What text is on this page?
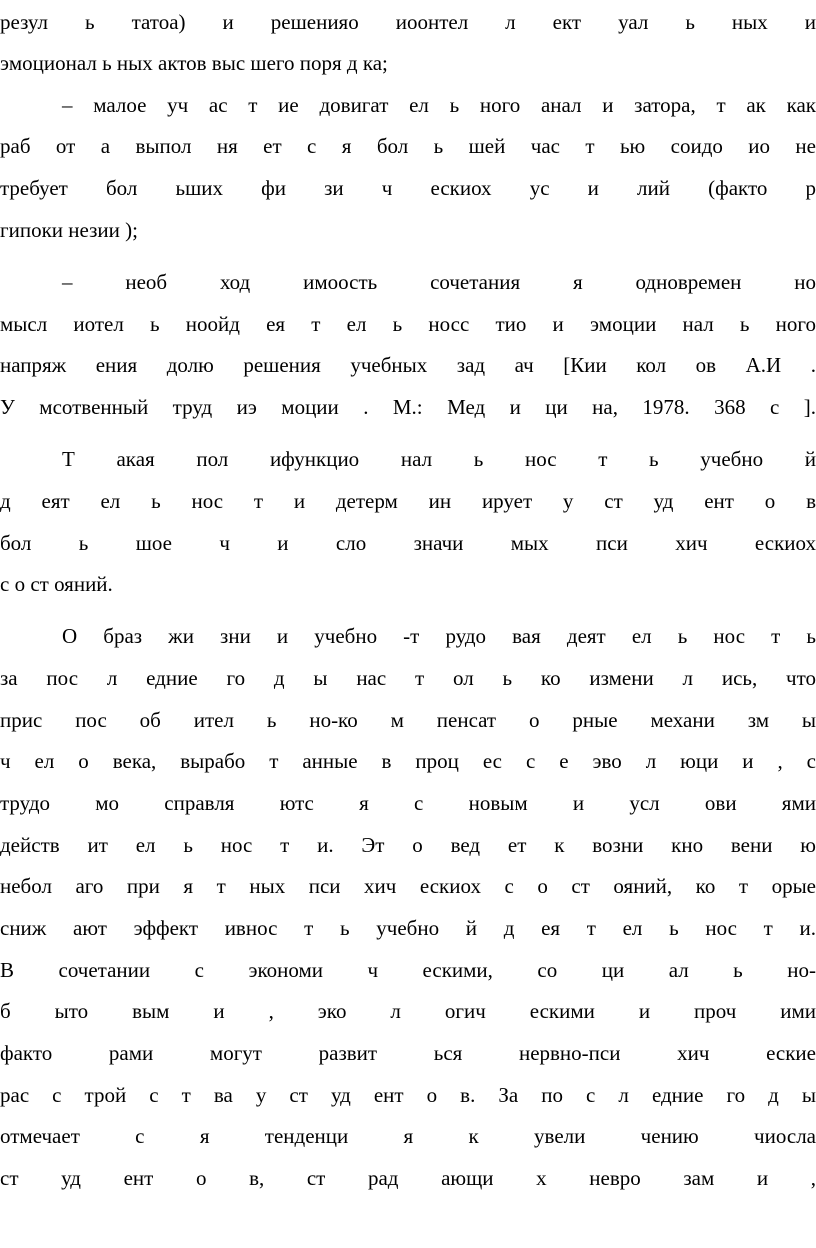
резул ь татоа) и решенияо иоонтел л ект уал ь ных и
эмоционал ь ных актов выс шего поря д ка;
– малое уч ас т ие довигат ел ь ного анал и затора, т ак как
раб от а выпол ня ет с я бол ь шей час т ью соидо ио не
требует бол ьших фи зи ч ескиох ус и лий (факто р
гипоки незии );
– необ ход имоость сочетания я одновремен но
мысл иотел ь ноойд ея т ел ь носс тио и эмоции нал ь ного
напряж ения долю решения учебных зад ач [Кии кол ов А.И .
У мсотвенный труд иэ моции . М.: Мед и ци на, 1978. 368 с ].
Т акая пол ифункцио нал ь нос т ь учебно й
д еят ел ь нос т и детерм ин ирует у ст уд ент о в
бол ь шое ч и сло значи мых пси хич ескиох
с о ст ояний.
О браз жи зни и учебно -т рудо вая деят ел ь нос т ь
за пос л едние го д ы нас т ол ь ко измени л ись, что
прис пос об ител ь но-ко м пенсат о рные механи зм ы
ч ел о века, вырабо т анные в проц ес с е эво л юци и , с
трудо мо справля ютс я с новым и усл ови ями
действ ит ел ь нос т и. Эт о вед ет к возни кно вени ю
небол аго при я т ных пси хич ескиох с о ст ояний, ко т орые
сниж ают эффект ивнос т ь учебно й д ея т ел ь нос т и.
В сочетании с экономи ч ескими, со ци ал ь но-
б ыто вым и , эко л огич ескими и проч ими
факто рами могут развит ься нервно-пси хич еские
рас с трой с т ва у ст уд ент о в. За по с л едние го д ы
отмечает с я тенденци я к увели чению чиосла
ст уд ент о в, ст рад ающи х невро зам и ,
